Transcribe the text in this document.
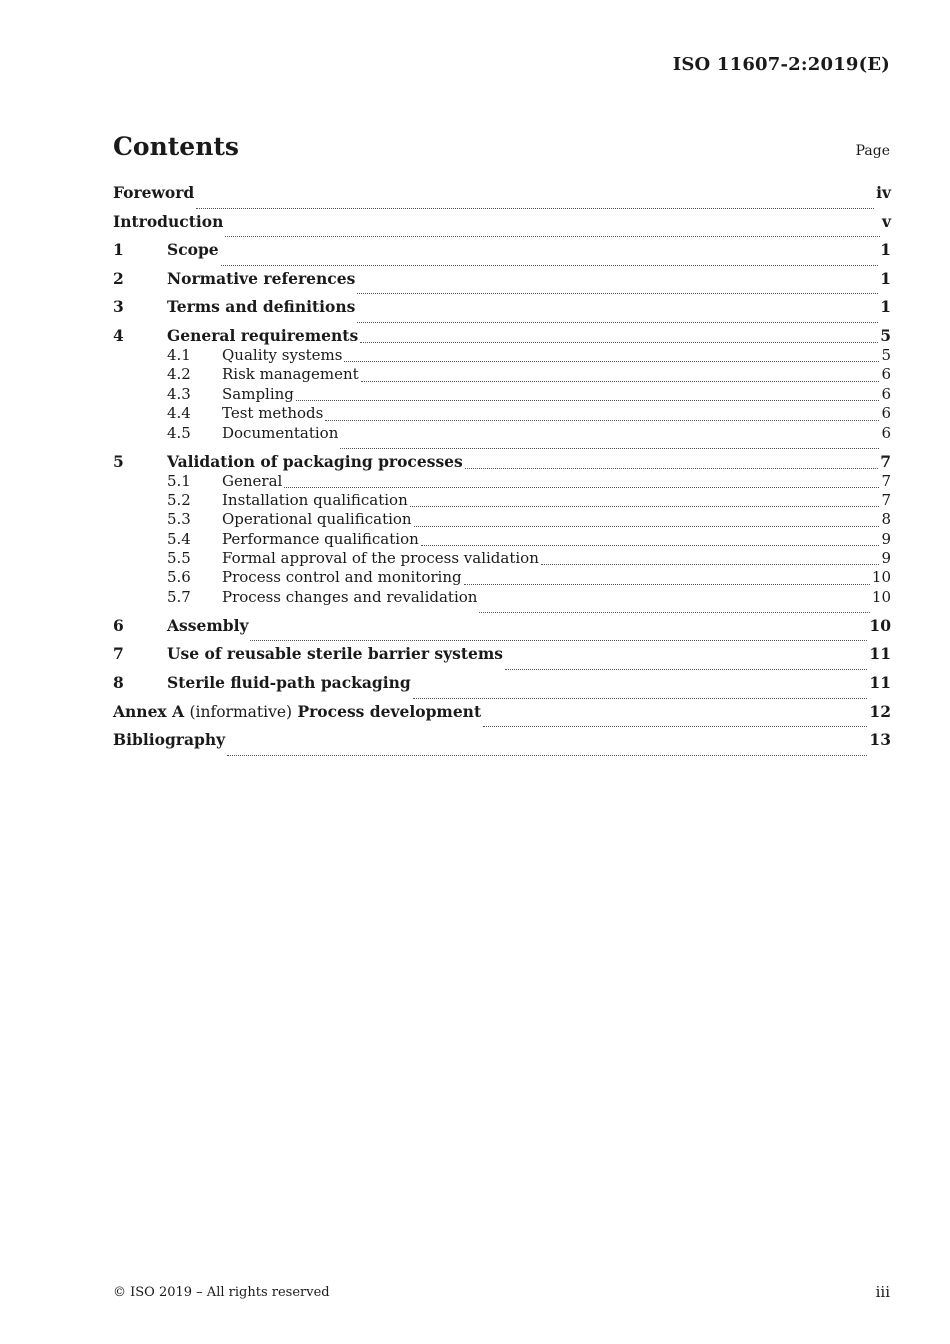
ISO 11607-2:2019(E)
Contents	Page
Foreword	iv
Introduction	v
1	Scope	1
2	Normative references	1
3	Terms and definitions	1
4	General requirements	5
4.1	Quality systems	5
4.2	Risk management	6
4.3	Sampling	6
4.4	Test methods	6
4.5	Documentation	6
5	Validation of packaging processes	7
5.1	General	7
5.2	Installation qualification	7
5.3	Operational qualification	8
5.4	Performance qualification	9
5.5	Formal approval of the process validation	9
5.6	Process control and monitoring	10
5.7	Process changes and revalidation	10
6	Assembly	10
7	Use of reusable sterile barrier systems	11
8	Sterile fluid-path packaging	11
Annex A (informative) Process development	12
Bibliography	13
© ISO 2019 – All rights reserved	iii
